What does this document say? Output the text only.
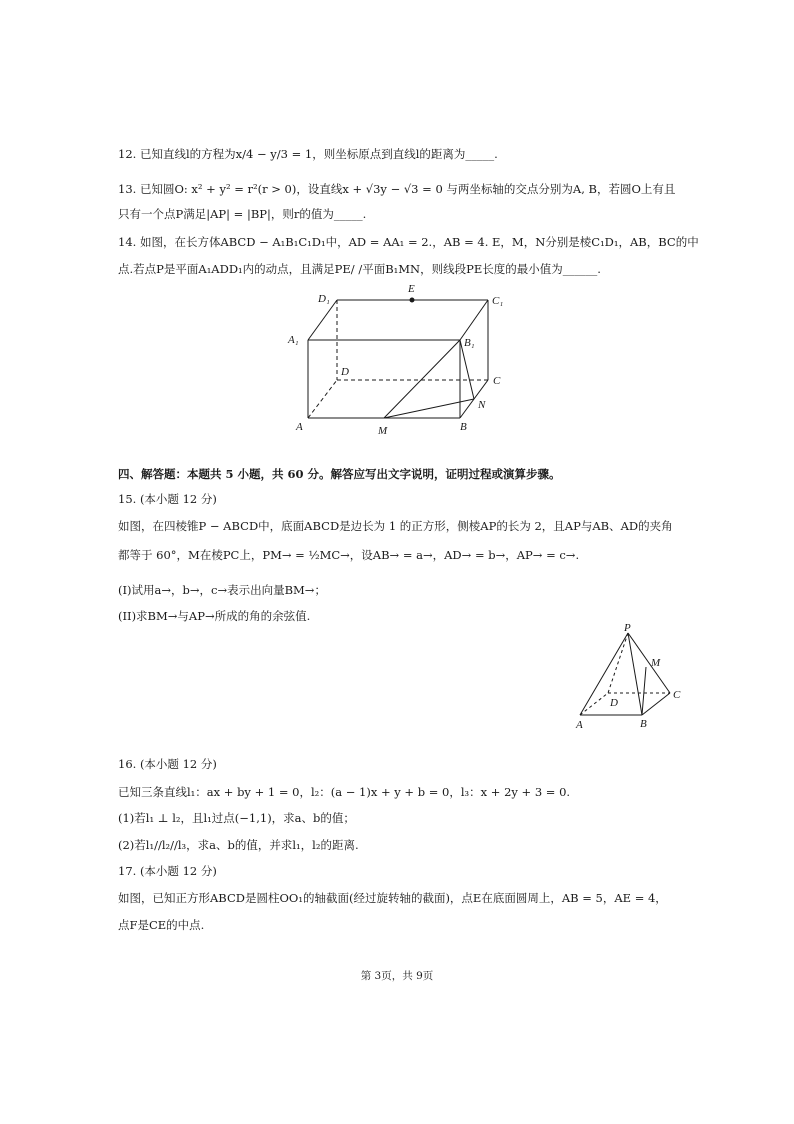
12. 已知直线l的方程为x/4 − y/3 = 1，则坐标原点到直线l的距离为_____.
13. 已知圆O: x² + y² = r²(r > 0)，设直线x + √3y − √3 = 0 与两坐标轴的交点分别为A, B，若圆O上有且
只有一个点P满足|AP| = |BP|，则r的值为_____.
14. 如图，在长方体ABCD − A₁B₁C₁D₁中，AD = AA₁ = 2.，AB = 4. E，M，N分别是棱C₁D₁，AB，BC的中
点.若点P是平面A₁ADD₁内的动点，且满足PE/ /平面B₁MN，则线段PE长度的最小值为______.
D₁
E
C₁
A₁	B₁
D
C
N
A	M	B
四、解答题：本题共 5 小题，共 60 分。解答应写出文字说明，证明过程或演算步骤。
15. (本小题 12 分)
如图，在四棱锥P − ABCD中，底面ABCD是边长为 1 的正方形，侧棱AP的长为 2，且AP与AB、AD的夹角
都等于 60°，M在棱PC上，PM→ = ½MC→，设AB→ = a→，AD→ = b→，AP→ = c→.
(I)试用a→，b→，c→表示出向量BM→；
(II)求BM→与AP→所成的角的余弦值.
P
M
C
D
A	B
16. (本小题 12 分)
已知三条直线l₁：ax + by + 1 = 0，l₂：(a − 1)x + y + b = 0，l₃：x + 2y + 3 = 0.
(1)若l₁ ⊥ l₂，且l₁过点(−1,1)，求a、b的值；
(2)若l₁//l₂//l₃，求a、b的值，并求l₁，l₂的距离.
17. (本小题 12 分)
如图，已知正方形ABCD是圆柱OO₁的轴截面(经过旋转轴的截面)，点E在底面圆周上，AB = 5，AE = 4，
点F是CE的中点.
第 3页，共 9页
